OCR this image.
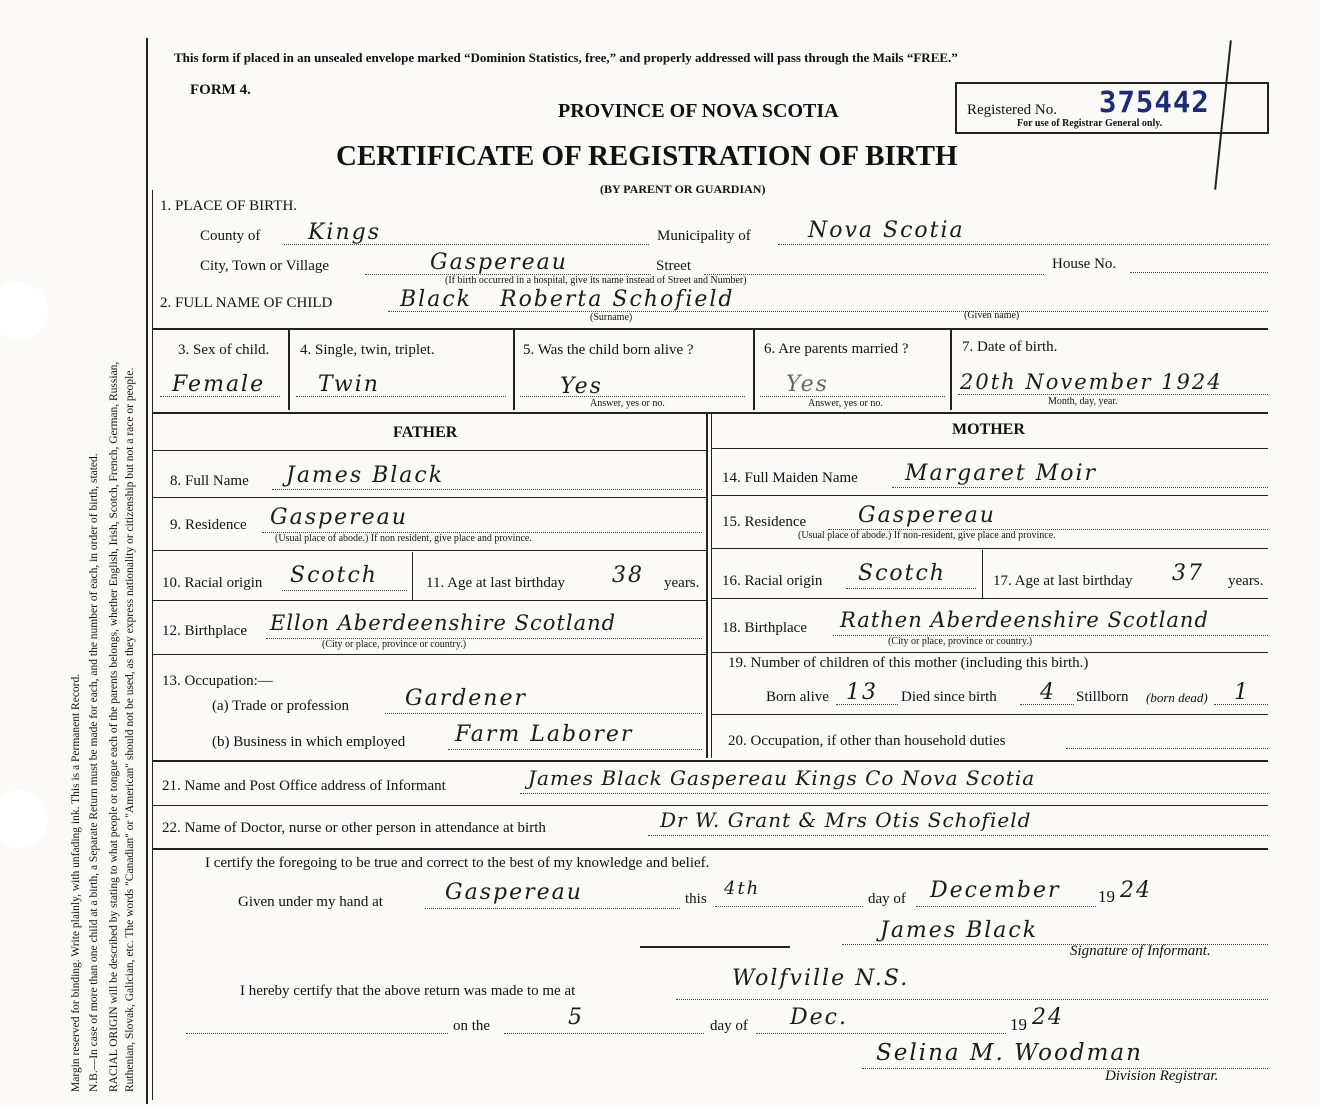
Margin reserved for binding. Write plainly, with unfading ink. This is a Permanent Record. N.B.—In case of more than one child at a birth, a Separate Return must be made for each, and the number of each, in order of birth, stated. RACIAL ORIGIN will be described by stating to what people or tongue each of the parents belongs, whether English, Irish, Scotch, French, German, Russian, Ruthenian, Slovak, Galician, etc. The words "Canadian" or "American" should not be used, as they express nationality or citizenship but not a race or people.
This form if placed in an unsealed envelope marked “Dominion Statistics, free,” and properly addressed will pass through the Mails “FREE.”
FORM 4.
PROVINCE OF NOVA SCOTIA
CERTIFICATE OF REGISTRATION OF BIRTH
(BY PARENT OR GUARDIAN)
Registered No. 375442
For use of Registrar General only.
1. PLACE OF BIRTH.
County of Kings	Municipality of	Nova Scotia
City, Town or Village	Gaspereau	Street	House No.
(If birth occurred in a hospital, give its name instead of Street and Number)
2. FULL NAME OF CHILD	Black Roberta Schofield
(Surname)	(Given name)
3. Sex of child.
Female
4. Single, twin, triplet.
Twin
5. Was the child born alive ?
Yes
Answer, yes or no.
6. Are parents married ?
Yes
Answer, yes or no.
7. Date of birth.
20th November 1924
Month, day, year.
FATHER	MOTHER
8. Full Name James Black	14. Full Maiden Name Margaret Moir
9. Residence Gaspereau
(Usual place of abode.) If non resident, give place and province.
15. Residence Gaspereau
(Usual place of abode.) If non-resident, give place and province.
10. Racial origin Scotch	11. Age at last birthday 38 years. 16. Racial origin Scotch	17. Age at last birthday 37 years.
12. Birthplace Ellon Aberdeenshire Scotland
(City or place, province or country.)
18. Birthplace Rathen Aberdeenshire Scotland
(City or place, province or country.)
13. Occupation:—
(a) Trade or profession	Gardener
(b) Business in which employed Farm Laborer
19. Number of children of this mother (including this birth.)
Born alive 13 Died since birth 4 Stillborn (born dead) 1
20. Occupation, if other than household duties
21. Name and Post Office address of Informant	James Black Gaspereau Kings Co Nova Scotia
22. Name of Doctor, nurse or other person in attendance at birth	Dr W. Grant & Mrs Otis Schofield
I certify the foregoing to be true and correct to the best of my knowledge and belief.
Given under my hand at	Gaspereau	this 4th	day of December 19 24
James Black
Signature of Informant.
I hereby certify that the above return was made to me at	Wolfville N.S.
on the	5	day of Dec.	19 24
Selina M. Woodman
Division Registrar.
